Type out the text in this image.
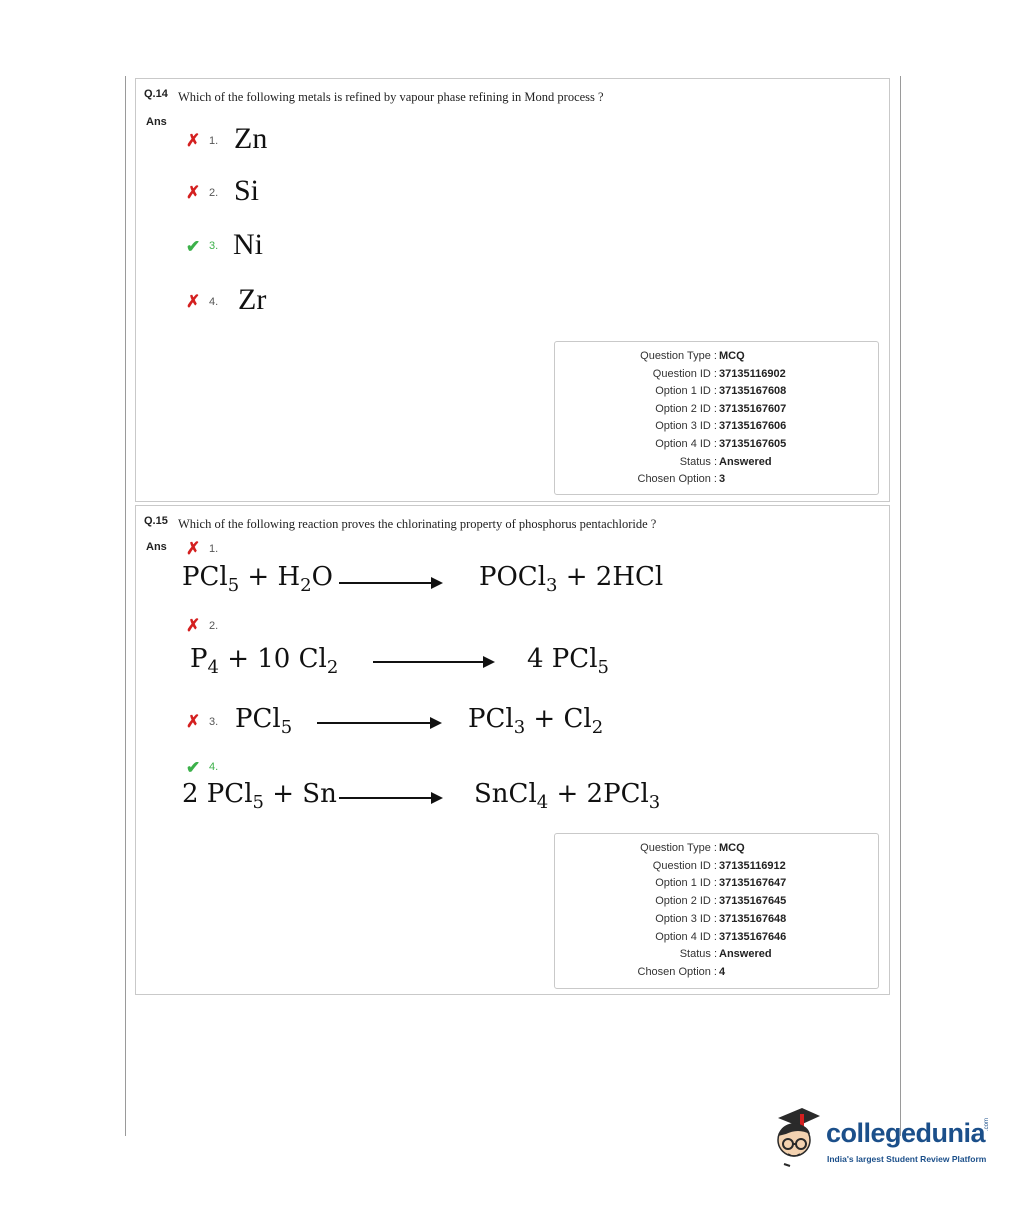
Q.14 Which of the following metals is refined by vapour phase refining in Mond process ?
Ans
✗ 1. Zn
✗ 2. Si
✔ 3. Ni
✗ 4. Zr
Question Type : MCQ
Question ID : 37135116902
Option 1 ID : 37135167608
Option 2 ID : 37135167607
Option 3 ID : 37135167606
Option 4 ID : 37135167605
Status : Answered
Chosen Option : 3
Q.15 Which of the following reaction proves the chlorinating property of phosphorus pentachloride ?
Ans ✗ 1.
$PCl_5 + H_2O$	POCl$_3$ + 2HCl
✗ 2.
$P_4 + 10$ $Cl_2$	4 PCl$_5$
✗ 3. PCl$_5$	$PCl_3 + Cl_2$
✔ 4.
2 PCl$_5$ + Sn	SnCl$_4$ + 2PCl$_3$
Question Type : MCQ
Question ID : 37135116912
Option 1 ID : 37135167647
Option 2 ID : 37135167645
Option 3 ID : 37135167648
Option 4 ID : 37135167646
Status : Answered
Chosen Option : 4
collegedunia
.com
India's largest Student Review Platform
